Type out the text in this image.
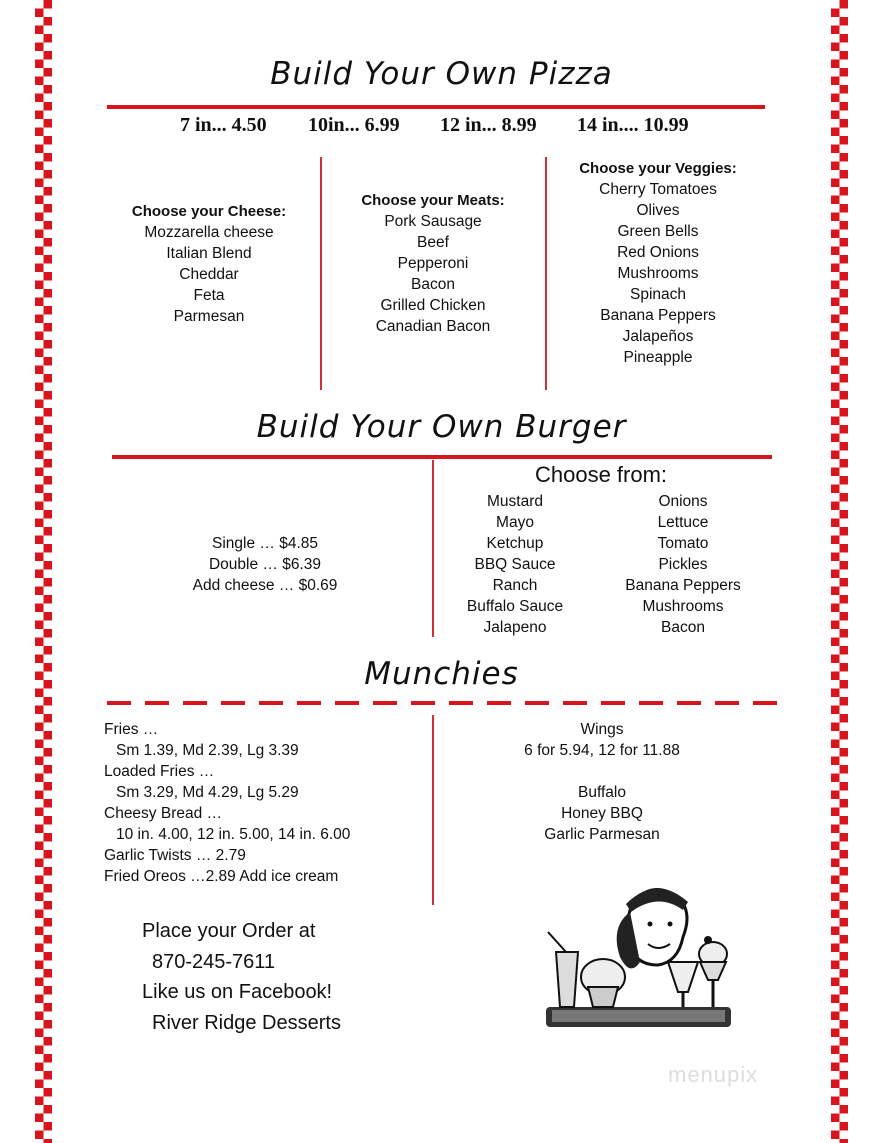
Build Your Own Pizza
7 in... 4.50 10in... 6.99 12 in... 8.99 14 in.... 10.99
Choose your Cheese:
Mozzarella cheese
Italian Blend
Cheddar
Feta
Parmesan
Choose your Meats:
Pork Sausage
Beef
Pepperoni
Bacon
Grilled Chicken
Canadian Bacon
Choose your Veggies:
Cherry Tomatoes
Olives
Green Bells
Red Onions
Mushrooms
Spinach
Banana Peppers
Jalapeños
Pineapple
Build Your Own Burger
Single … $4.85
Double … $6.39
Add cheese … $0.69
Choose from:
Mustard
Mayo
Ketchup
BBQ Sauce
Ranch
Buffalo Sauce
Jalapeno
Onions
Lettuce
Tomato
Pickles
Banana Peppers
Mushrooms
Bacon
Munchies
Fries …
Sm 1.39, Md 2.39, Lg 3.39
Loaded Fries …
Sm 3.29, Md 4.29, Lg 5.29
Cheesy Bread …
10 in. 4.00, 12 in. 5.00, 14 in. 6.00
Garlic Twists … 2.79
Fried Oreos …2.89 Add ice cream
Wings
6 for 5.94, 12 for 11.88
Buffalo
Honey BBQ
Garlic Parmesan
Place your Order at
870-245-7611
Like us on Facebook!
River Ridge Desserts
menupix
